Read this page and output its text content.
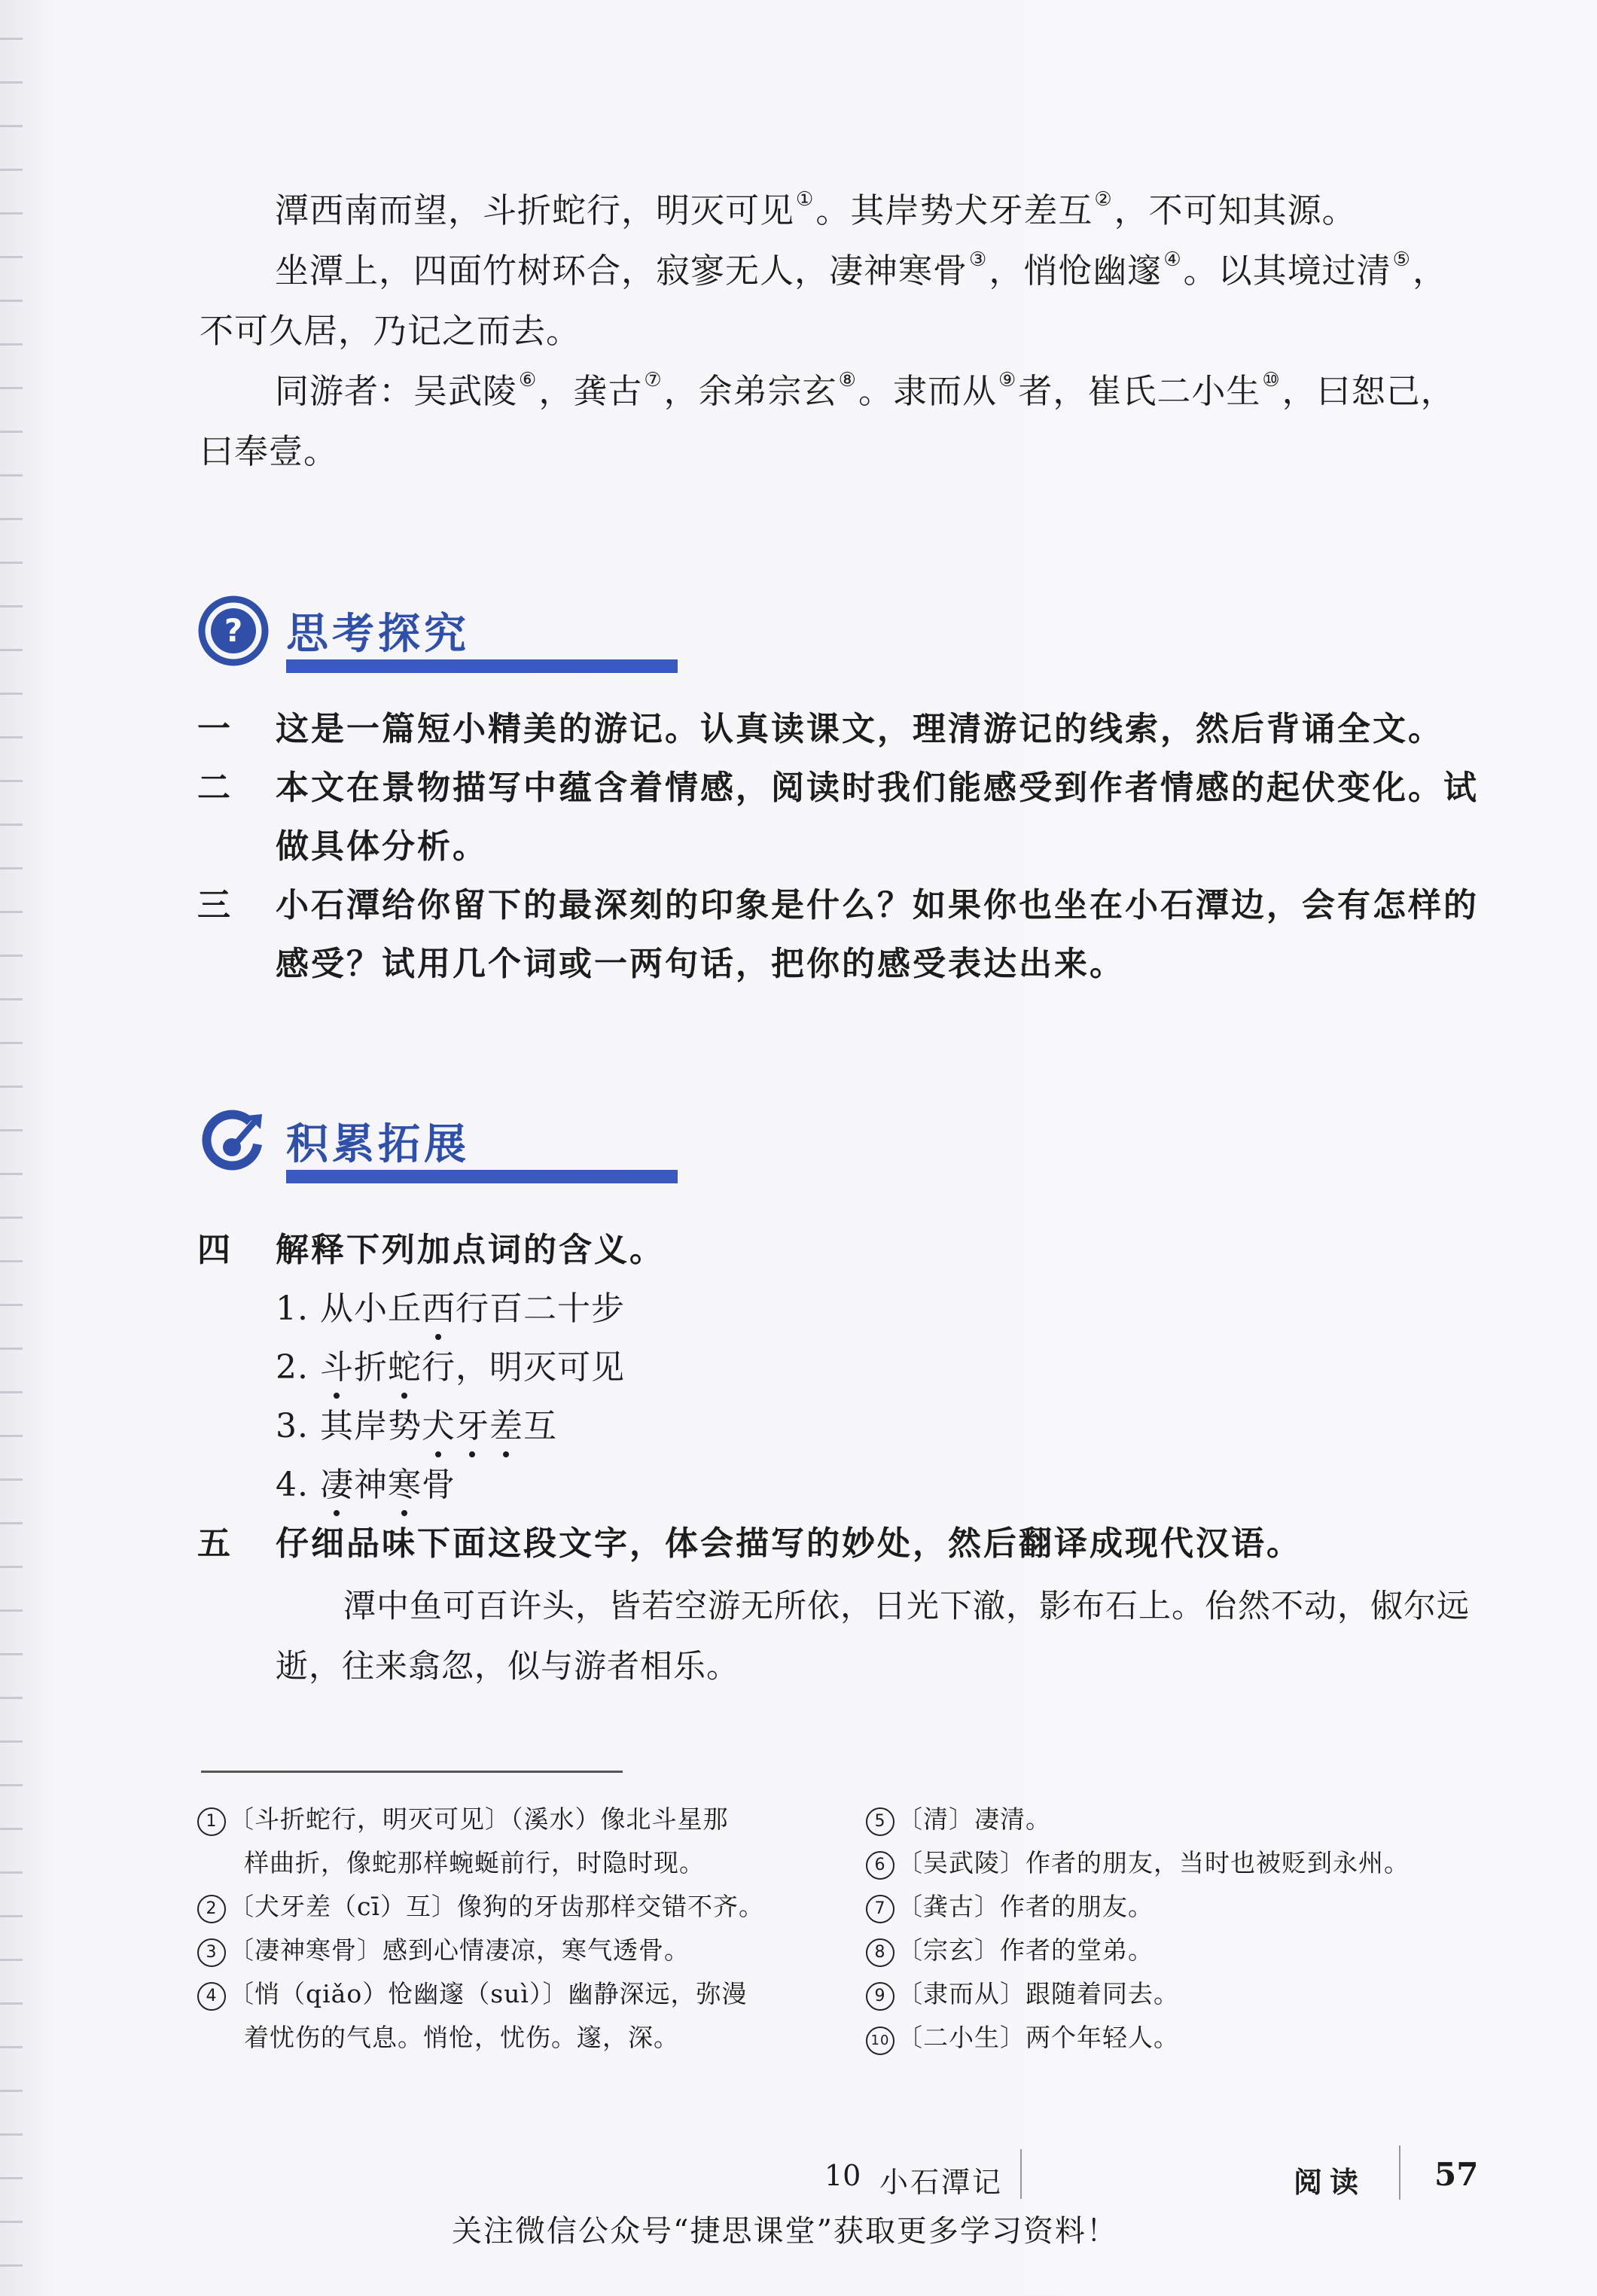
潭西南而望，斗折蛇行，明灭可见①。其岸势犬牙差互②，不可知其源。

坐潭上，四面竹树环合，寂寥无人，凄神寒骨③，悄怆幽邃④。以其境过清⑤，不可久居，乃记之而去。

同游者：吴武陵⑥，龚古⑦，余弟宗玄⑧。隶而从⑨者，崔氏二小生⑩，曰恕己，曰奉壹。

? 思考探究
一	这是一篇短小精美的游记。认真读课文，理清游记的线索，然后背诵全文。
二	本文在景物描写中蕴含着情感，阅读时我们能感受到作者情感的起伏变化。试做具体分析。
三	小石潭给你留下的最深刻的印象是什么？如果你也坐在小石潭边，会有怎样的感受？试用几个词或一两句话，把你的感受表达出来。
积累拓展
四	解释下列加点词的含义。
1. 从小丘西行百二十步
2. 斗折蛇行，明灭可见
3. 其岸势犬牙差互
4. 凄神寒骨
五	仔细品味下面这段文字，体会描写的妙处，然后翻译成现代汉语。

潭中鱼可百许头，皆若空游无所依，日光下澈，影布石上。佁然不动，俶尔远逝，往来翕忽，似与游者相乐。

1 〔斗折蛇行，明灭可见〕（溪水）像北斗星那
样曲折，像蛇那样蜿蜒前行，时隐时现。

2 〔犬牙差（cī）互〕像狗的牙齿那样交错不齐。

3 〔凄神寒骨〕感到心情凄凉，寒气透骨。

4 〔悄（qiǎo）怆幽邃（suì）〕幽静深远，弥漫
着忧伤的气息。悄怆，忧伤。邃，深。

5 〔清〕凄清。

6 〔吴武陵〕作者的朋友，当时也被贬到永州。

7 〔龚古〕作者的朋友。

8 〔宗玄〕作者的堂弟。

9 〔隶而从〕跟随着同去。

10 〔二小生〕两个年轻人。

10 小石潭记	阅读 57
关注微信公众号“捷思课堂”获取更多学习资料！
